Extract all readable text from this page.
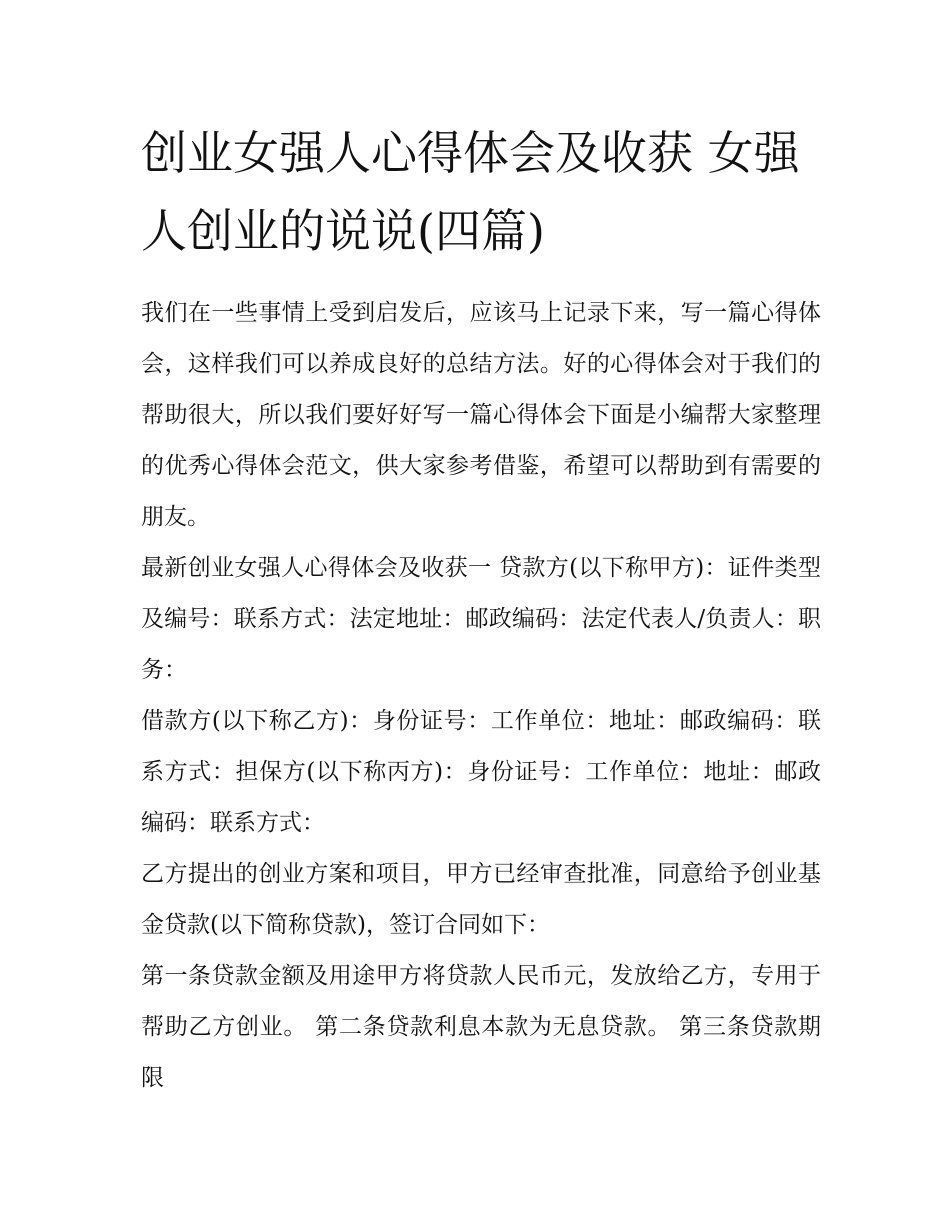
创业女强人心得体会及收获 女强人创业的说说(四篇)

我们在一些事情上受到启发后，应该马上记录下来，写一篇心得体会，这样我们可以养成良好的总结方法。好的心得体会对于我们的帮助很大，所以我们要好好写一篇心得体会下面是小编帮大家整理的优秀心得体会范文，供大家参考借鉴，希望可以帮助到有需要的朋友。

最新创业女强人心得体会及收获一 贷款方(以下称甲方)：证件类型及编号：联系方式：法定地址：邮政编码：法定代表人/负责人：职务：

借款方(以下称乙方)：身份证号：工作单位：地址：邮政编码：联系方式：担保方(以下称丙方)：身份证号：工作单位：地址：邮政编码：联系方式：

乙方提出的创业方案和项目，甲方已经审查批准，同意给予创业基金贷款(以下简称贷款)，签订合同如下：

第一条贷款金额及用途甲方将贷款人民币元，发放给乙方，专用于帮助乙方创业。 第二条贷款利息本款为无息贷款。 第三条贷款期限
